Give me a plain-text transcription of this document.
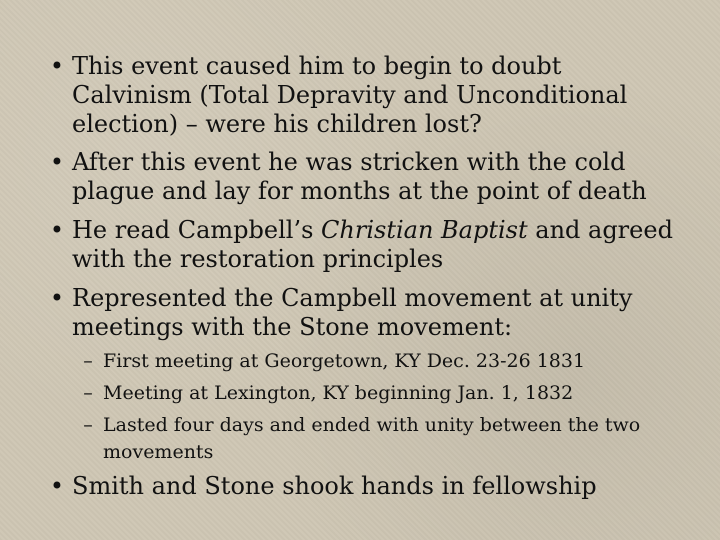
• This event caused him to begin to doubt Calvinism (Total Depravity and Unconditional election) – were his children lost?
• After this event he was stricken with the cold plague and lay for months at the point of death
• He read Campbell’s Christian Baptist and agreed with the restoration principles
• Represented the Campbell movement at unity meetings with the Stone movement:
– First meeting at Georgetown, KY Dec. 23-26 1831
– Meeting at Lexington, KY beginning Jan. 1, 1832
– Lasted four days and ended with unity between the two movements
• Smith and Stone shook hands in fellowship
